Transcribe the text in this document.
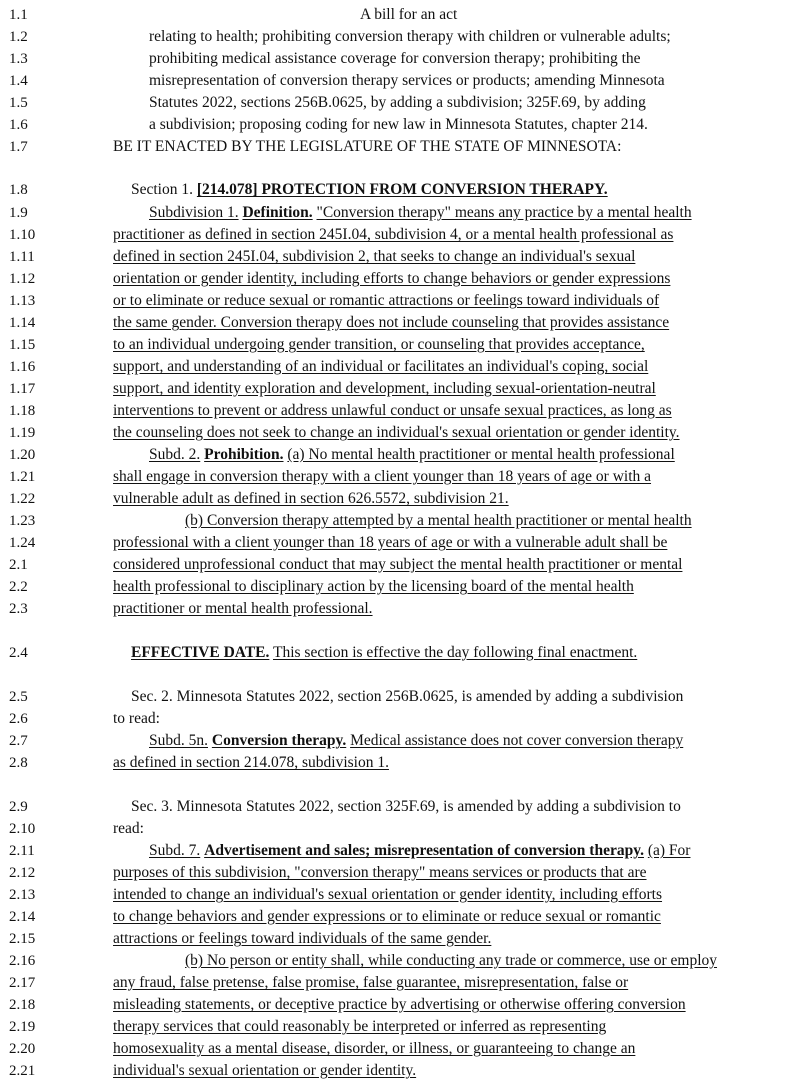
1.1	A bill for an act
1.2	relating to health; prohibiting conversion therapy with children or vulnerable adults;
1.3	prohibiting medical assistance coverage for conversion therapy; prohibiting the
1.4	misrepresentation of conversion therapy services or products; amending Minnesota
1.5	Statutes 2022, sections 256B.0625, by adding a subdivision; 325F.69, by adding
1.6	a subdivision; proposing coding for new law in Minnesota Statutes, chapter 214.
1.7	BE IT ENACTED BY THE LEGISLATURE OF THE STATE OF MINNESOTA:
1.8	Section 1. [214.078] PROTECTION FROM CONVERSION THERAPY.
1.9	Subdivision 1. Definition. "Conversion therapy" means any practice by a mental health
1.10	practitioner as defined in section 245I.04, subdivision 4, or a mental health professional as
1.11	defined in section 245I.04, subdivision 2, that seeks to change an individual's sexual
1.12	orientation or gender identity, including efforts to change behaviors or gender expressions
1.13	or to eliminate or reduce sexual or romantic attractions or feelings toward individuals of
1.14	the same gender. Conversion therapy does not include counseling that provides assistance
1.15	to an individual undergoing gender transition, or counseling that provides acceptance,
1.16	support, and understanding of an individual or facilitates an individual's coping, social
1.17	support, and identity exploration and development, including sexual-orientation-neutral
1.18	interventions to prevent or address unlawful conduct or unsafe sexual practices, as long as
1.19	the counseling does not seek to change an individual's sexual orientation or gender identity.
1.20	Subd. 2. Prohibition. (a) No mental health practitioner or mental health professional
1.21	shall engage in conversion therapy with a client younger than 18 years of age or with a
1.22	vulnerable adult as defined in section 626.5572, subdivision 21.
1.23	(b) Conversion therapy attempted by a mental health practitioner or mental health
1.24	professional with a client younger than 18 years of age or with a vulnerable adult shall be
2.1	considered unprofessional conduct that may subject the mental health practitioner or mental
2.2	health professional to disciplinary action by the licensing board of the mental health
2.3	practitioner or mental health professional.
2.4	EFFECTIVE DATE. This section is effective the day following final enactment.
2.5	Sec. 2. Minnesota Statutes 2022, section 256B.0625, is amended by adding a subdivision
2.6	to read:
2.7	Subd. 5n. Conversion therapy. Medical assistance does not cover conversion therapy
2.8	as defined in section 214.078, subdivision 1.
2.9	Sec. 3. Minnesota Statutes 2022, section 325F.69, is amended by adding a subdivision to
2.10	read:
2.11	Subd. 7. Advertisement and sales; misrepresentation of conversion therapy. (a) For
2.12	purposes of this subdivision, "conversion therapy" means services or products that are
2.13	intended to change an individual's sexual orientation or gender identity, including efforts
2.14	to change behaviors and gender expressions or to eliminate or reduce sexual or romantic
2.15	attractions or feelings toward individuals of the same gender.
2.16	(b) No person or entity shall, while conducting any trade or commerce, use or employ
2.17	any fraud, false pretense, false promise, false guarantee, misrepresentation, false or
2.18	misleading statements, or deceptive practice by advertising or otherwise offering conversion
2.19	therapy services that could reasonably be interpreted or inferred as representing
2.20	homosexuality as a mental disease, disorder, or illness, or guaranteeing to change an
2.21	individual's sexual orientation or gender identity.
